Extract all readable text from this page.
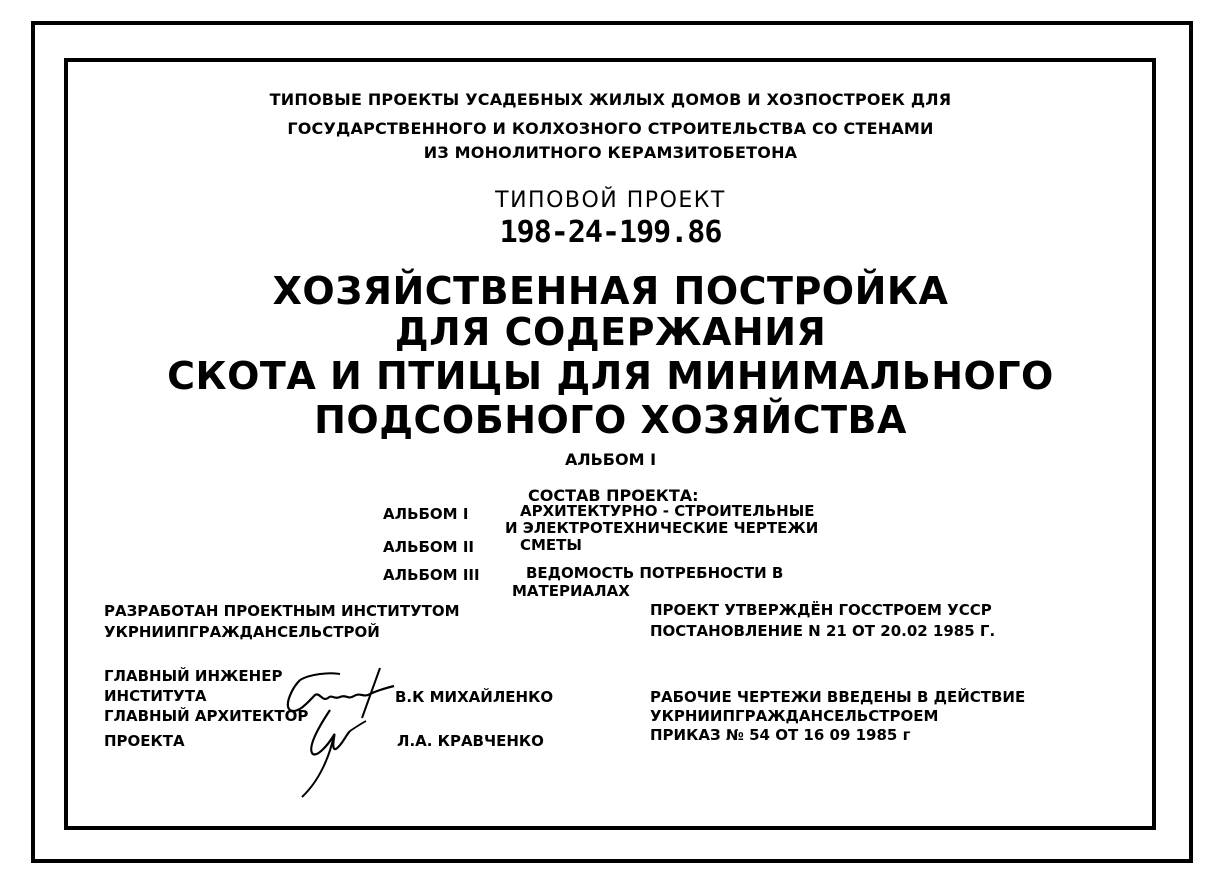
ТИПОВЫЕ ПРОЕКТЫ УСАДЕБНЫХ ЖИЛЫХ ДОМОВ И ХОЗПОСТРОЕК ДЛЯ
ГОСУДАРСТВЕННОГО И КОЛХОЗНОГО СТРОИТЕЛЬСТВА СО СТЕНАМИ
ИЗ МОНОЛИТНОГО КЕРАМЗИТОБЕТОНА
ТИПОВОЙ ПРОЕКТ
198-24-199.86
ХОЗЯЙСТВЕННАЯ ПОСТРОЙКА
ДЛЯ СОДЕРЖАНИЯ
СКОТА И ПТИЦЫ ДЛЯ МИНИМАЛЬНОГО
ПОДСОБНОГО ХОЗЯЙСТВА
АЛЬБОМ I
СОСТАВ ПРОЕКТА:
АЛЬБОМ I	АРХИТЕКТУРНО - СТРОИТЕЛЬНЫЕ
И ЭЛЕКТРОТЕХНИЧЕСКИЕ ЧЕРТЕЖИ
АЛЬБОМ II	СМЕТЫ
АЛЬБОМ III	ВЕДОМОСТЬ ПОТРЕБНОСТИ В
МАТЕРИАЛАХ
РАЗРАБОТАН ПРОЕКТНЫМ ИНСТИТУТОМ
УКРНИИПГРАЖДАНСЕЛЬСТРОЙ
ПРОЕКТ УТВЕРЖДЁН ГОССТРОЕМ УССР
ПОСТАНОВЛЕНИЕ N 21 ОТ 20.02 1985 Г.
ГЛАВНЫЙ ИНЖЕНЕР
ИНСТИТУТА	В.К МИХАЙЛЕНКО
ГЛАВНЫЙ АРХИТЕКТОР
ПРОЕКТА	Л.А. КРАВЧЕНКО
РАБОЧИЕ ЧЕРТЕЖИ ВВЕДЕНЫ В ДЕЙСТВИЕ
УКРНИИПГРАЖДАНСЕЛЬСТРОЕМ
ПРИКАЗ № 54 ОТ 16 09 1985 г
